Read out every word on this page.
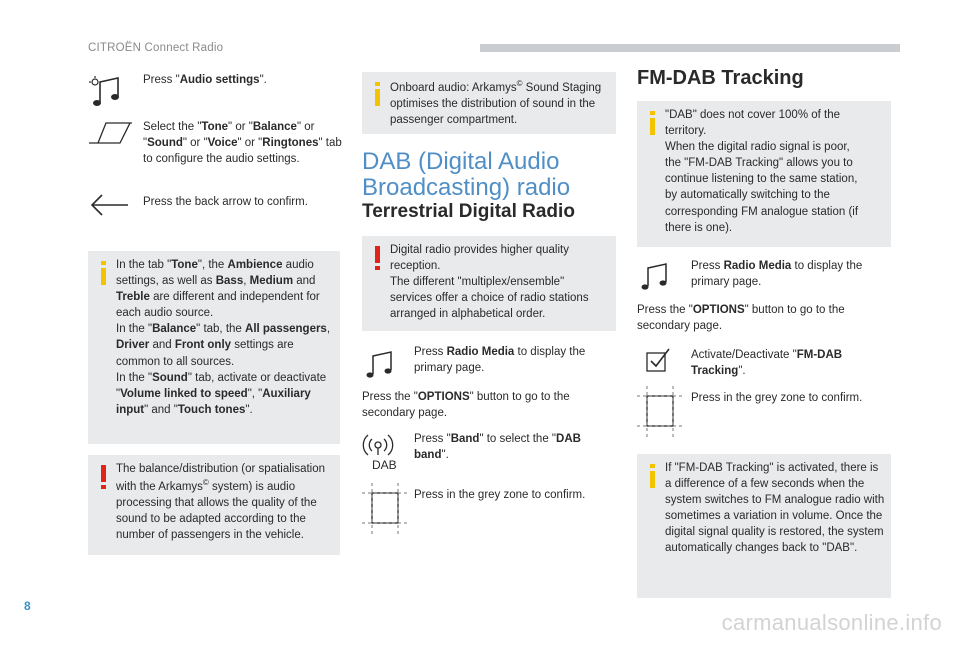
CITROËN Connect Radio
Press "Audio settings".
Select the "Tone" or "Balance" or "Sound" or "Voice" or "Ringtones" tab to configure the audio settings.
Press the back arrow to confirm.
In the tab "Tone", the Ambience audio settings, as well as Bass, Medium and Treble are different and independent for each audio source.
In the "Balance" tab, the All passengers, Driver and Front only settings are common to all sources.
In the "Sound" tab, activate or deactivate "Volume linked to speed", "Auxiliary input" and "Touch tones".
The balance/distribution (or spatialisation with the Arkamys© system) is audio processing that allows the quality of the sound to be adapted according to the number of passengers in the vehicle.
Onboard audio: Arkamys© Sound Staging optimises the distribution of sound in the passenger compartment.
DAB (Digital Audio Broadcasting) radio
Terrestrial Digital Radio
Digital radio provides higher quality reception.
The different "multiplex/ensemble" services offer a choice of radio stations arranged in alphabetical order.
Press Radio Media to display the primary page.
Press the "OPTIONS" button to go to the secondary page.
DAB
Press "Band" to select the "DAB band".
Press in the grey zone to confirm.
FM-DAB Tracking
"DAB" does not cover 100% of the territory.
When the digital radio signal is poor, the "FM-DAB Tracking" allows you to continue listening to the same station, by automatically switching to the corresponding FM analogue station (if there is one).
Press Radio Media to display the primary page.
Press the "OPTIONS" button to go to the secondary page.
Activate/Deactivate "FM-DAB Tracking".
Press in the grey zone to confirm.
If "FM-DAB Tracking" is activated, there is a difference of a few seconds when the system switches to FM analogue radio with sometimes a variation in volume. Once the digital signal quality is restored, the system automatically changes back to "DAB".
8
carmanualsonline.info
